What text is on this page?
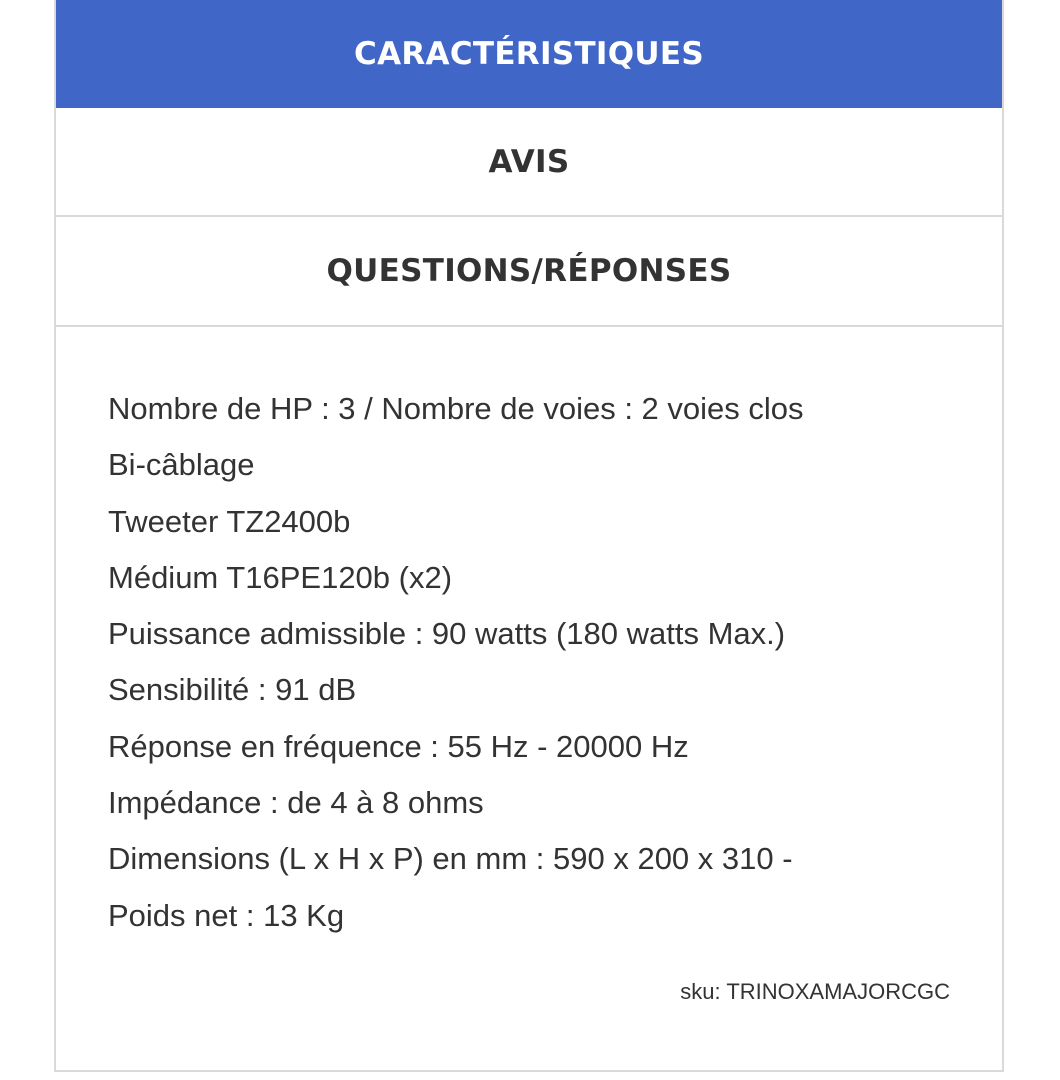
CARACTÉRISTIQUES
AVIS
QUESTIONS/RÉPONSES
Nombre de HP : 3 / Nombre de voies : 2 voies clos
Bi-câblage
Tweeter TZ2400b
Médium T16PE120b (x2)
Puissance admissible : 90 watts (180 watts Max.)
Sensibilité : 91 dB
Réponse en fréquence : 55 Hz - 20000 Hz
Impédance : de 4 à 8 ohms
Dimensions (L x H x P) en mm : 590 x 200 x 310 -
Poids net : 13 Kg
sku: TRINOXAMAJORCGC
